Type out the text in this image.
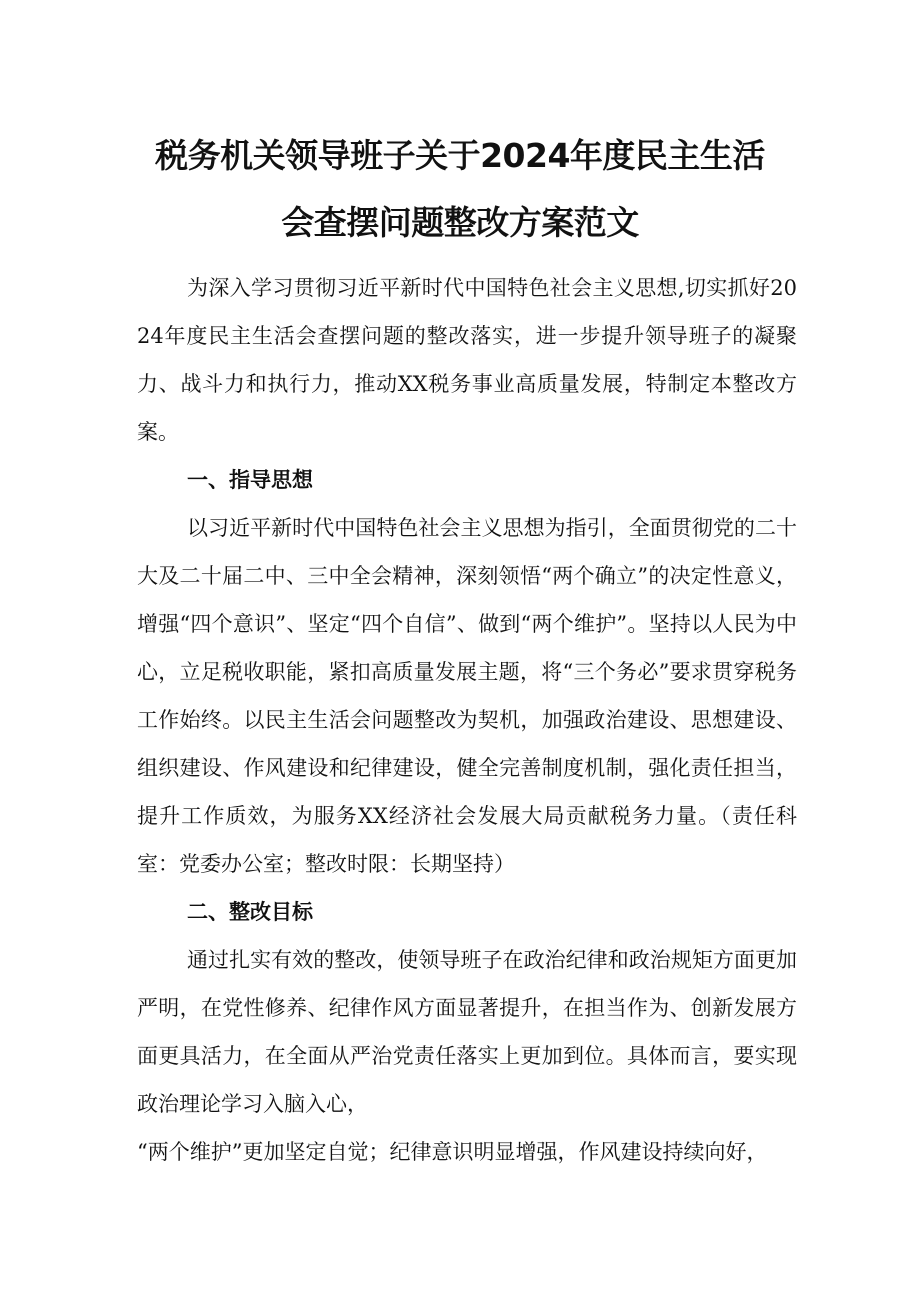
税务机关领导班子关于2024年度民主生活
会查摆问题整改方案范文

为深入学习贯彻习近平新时代中国特色社会主义思想,切实抓好2024年度民主生活会查摆问题的整改落实，进一步提升领导班子的凝聚力、战斗力和执行力，推动XX税务事业高质量发展，特制定本整改方案。

一、指导思想

以习近平新时代中国特色社会主义思想为指引，全面贯彻党的二十大及二十届二中、三中全会精神，深刻领悟“两个确立”的决定性意义，增强“四个意识”、坚定“四个自信”、做到“两个维护”。坚持以人民为中心，立足税收职能，紧扣高质量发展主题，将“三个务必”要求贯穿税务工作始终。以民主生活会问题整改为契机，加强政治建设、思想建设、组织建设、作风建设和纪律建设，健全完善制度机制，强化责任担当，提升工作质效，为服务XX经济社会发展大局贡献税务力量。（责任科室：党委办公室；整改时限：长期坚持）

二、整改目标

通过扎实有效的整改，使领导班子在政治纪律和政治规矩方面更加严明，在党性修养、纪律作风方面显著提升，在担当作为、创新发展方面更具活力，在全面从严治党责任落实上更加到位。具体而言，要实现政治理论学习入脑入心，

“两个维护”更加坚定自觉；纪律意识明显增强，作风建设持续向好，
